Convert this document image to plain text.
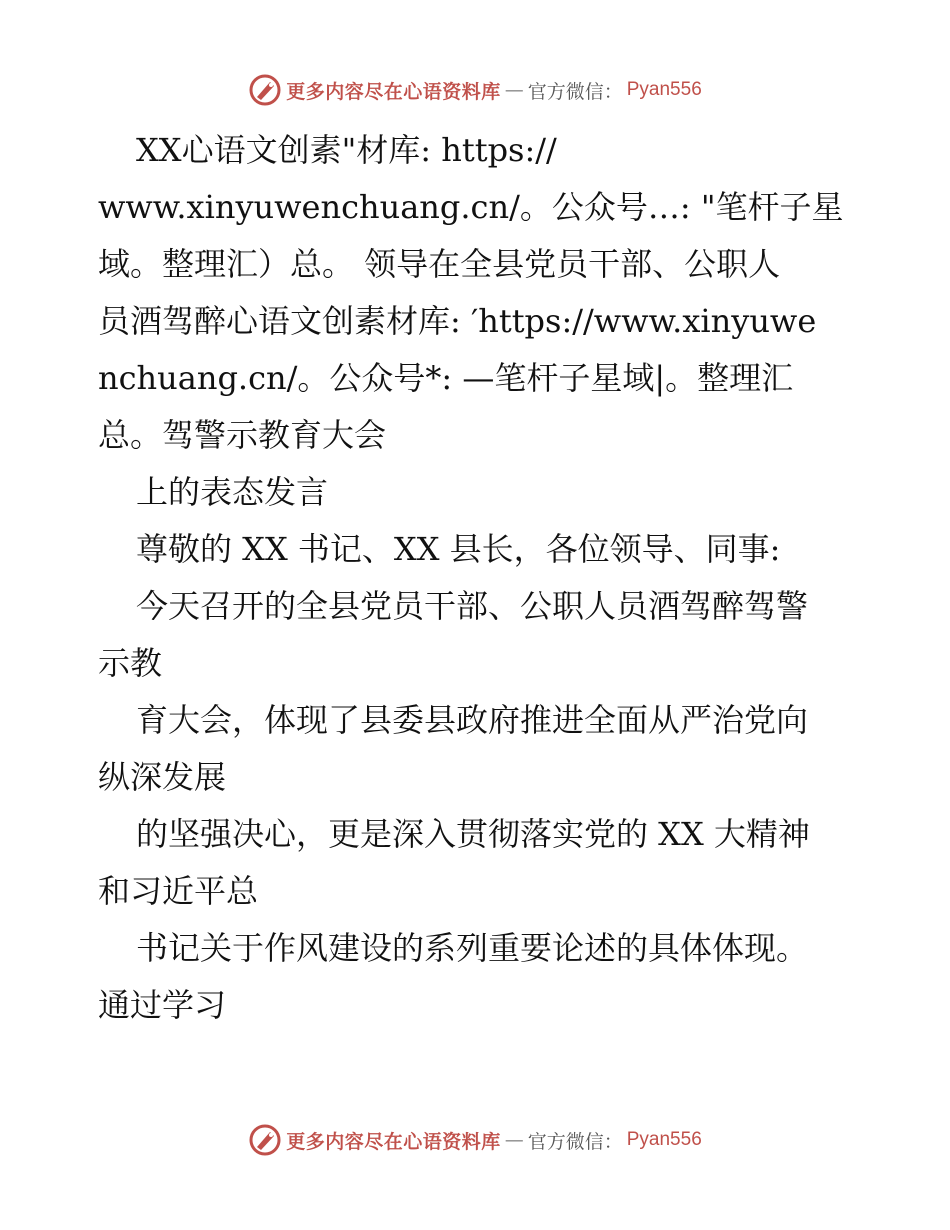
更多内容尽在心语资料库 — 官方微信： Pyan556
XX心语文创素"材库: https://
www.xinyuwenchuang.cn/。公众号…: "笔杆子星
域。整理汇）总。 领导在全县党员干部、公职人
员酒驾醉心语文创素材库: ′https://www.xinyuwe
nchuang.cn/。公众号*: —笔杆子星域|。整理汇
总。驾警示教育大会
上的表态发言
尊敬的 XX 书记、XX 县长，各位领导、同事:
今天召开的全县党员干部、公职人员酒驾醉驾警
示教
育大会，体现了县委县政府推进全面从严治党向
纵深发展
的坚强决心，更是深入贯彻落实党的 XX 大精神
和习近平总
书记关于作风建设的系列重要论述的具体体现。
通过学习
更多内容尽在心语资料库 — 官方微信： Pyan556
